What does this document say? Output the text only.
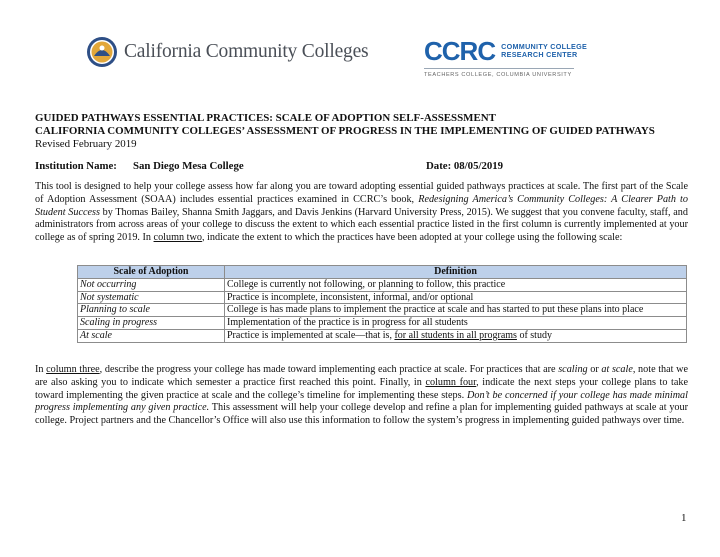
California Community Colleges CCRC COMMUNITY COLLEGE
RESEARCH CENTER
TEACHERS COLLEGE, COLUMBIA UNIVERSITY
GUIDED PATHWAYS ESSENTIAL PRACTICES: SCALE OF ADOPTION SELF-ASSESSMENT
CALIFORNIA COMMUNITY COLLEGES’ ASSESSMENT OF PROGRESS IN THE IMPLEMENTING OF GUIDED PATHWAYS
Revised February 2019
Institution Name: San Diego Mesa College	Date: 08/05/2019
This tool is designed to help your college assess how far along you are toward adopting essential guided pathways practices at scale. The first part of the Scale of Adoption Assessment (SOAA) includes essential practices examined in CCRC’s book, Redesigning America’s Community Colleges: A Clearer Path to Student Success by Thomas Bailey, Shanna Smith Jaggars, and Davis Jenkins (Harvard University Press, 2015). We suggest that you convene faculty, staff, and administrators from across areas of your college to discuss the extent to which each essential practice listed in the first column is currently implemented at your college as of spring 2019. In column two, indicate the extent to which the practices have been adopted at your college using the following scale:
Scale of Adoption	Definition
Not occurring	College is currently not following, or planning to follow, this practice
Not systematic	Practice is incomplete, inconsistent, informal, and/or optional
Planning to scale	College is has made plans to implement the practice at scale and has started to put these plans into place
Scaling in progress	Implementation of the practice is in progress for all students
At scale	Practice is implemented at scale—that is, for all students in all programs of study
In column three, describe the progress your college has made toward implementing each practice at scale. For practices that are scaling or at scale, note that we are also asking you to indicate which semester a practice first reached this point. Finally, in column four, indicate the next steps your college plans to take toward implementing the given practice at scale and the college’s timeline for implementing these steps. Don’t be concerned if your college has made minimal progress implementing any given practice. This assessment will help your college develop and refine a plan for implementing guided pathways at scale at your college. Project partners and the Chancellor’s Office will also use this information to follow the system’s progress in implementing guided pathways over time.
1
